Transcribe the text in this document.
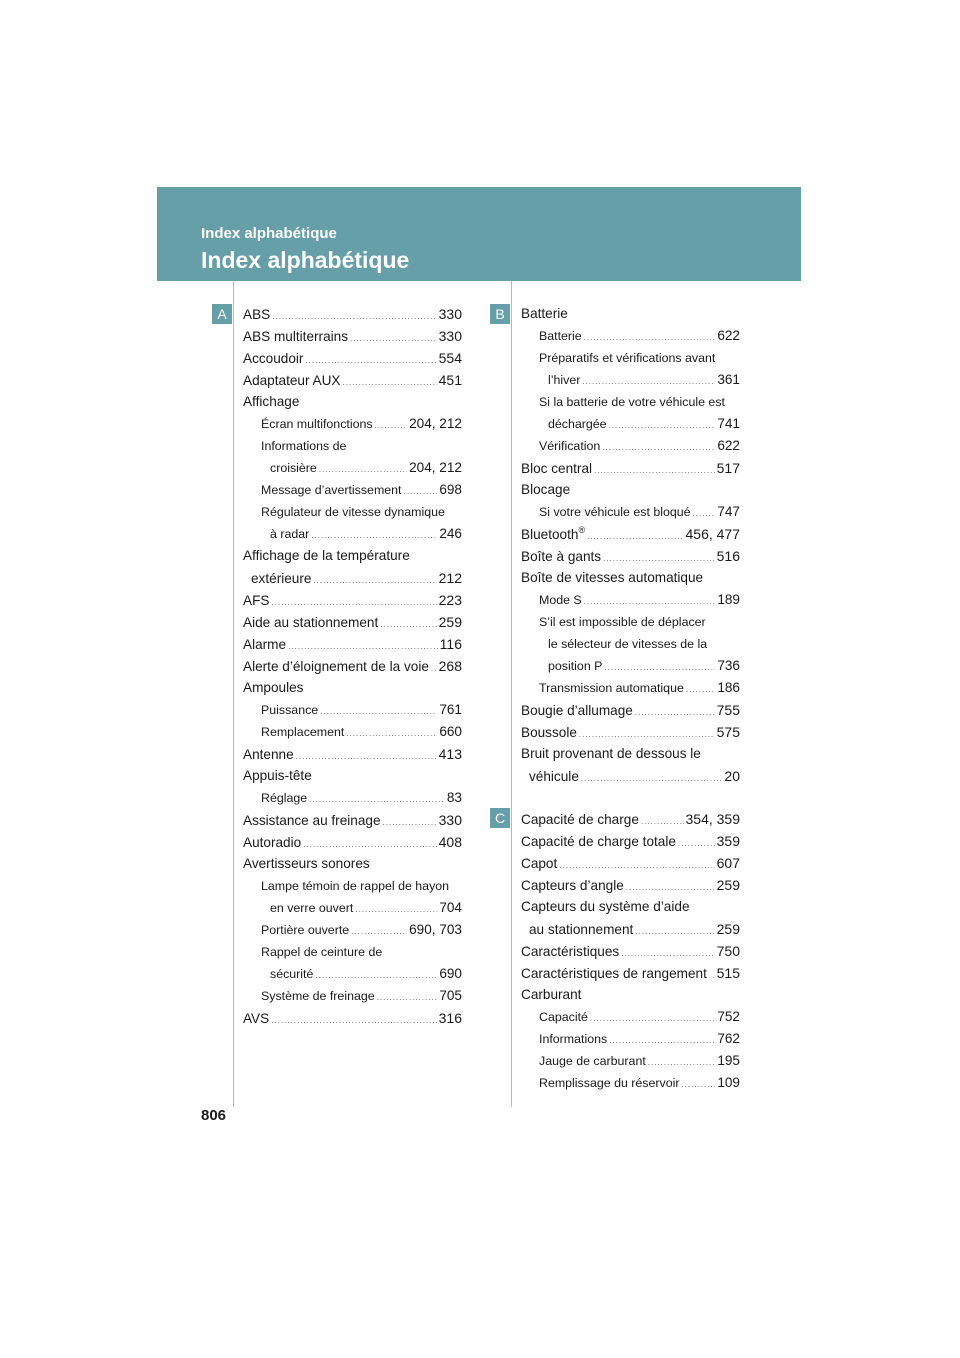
Index alphabétique
Index alphabétique
A	B
C
ABS .....	330
ABS multiterrains .....	330
Accoudoir .....	554
Adaptateur AUX .....	451
Affichage
Écran multifonctions .....	204, 212
Informations de
croisière .....	204, 212
Message d’avertissement .....	698
Régulateur de vitesse dynamique
à radar .....	246
Affichage de la température
extérieure .....	212
AFS .....	223
Aide au stationnement .....	259
Alarme .....	116
Alerte d’éloignement de la voie ..... 268
Ampoules
Puissance .....	761
Remplacement .....	660
Antenne .....	413
Appuis-tête
Réglage .....	83
Assistance au freinage .....	330
Autoradio .....	408
Avertisseurs sonores
Lampe témoin de rappel de hayon
en verre ouvert .....	704
Portière ouverte .....	690, 703
Rappel de ceinture de
sécurité .....	690
Système de freinage .....	705
AVS .....	316
Batterie
Batterie .....	622
Préparatifs et vérifications avant
l’hiver .....	361
Si la batterie de votre véhicule est
déchargée .....	741
Vérification .....	622
Bloc central .....	517
Blocage
Si votre véhicule est bloqué ..... 747
Bluetooth® .....	456, 477
Boîte à gants .....	516
Boîte de vitesses automatique
Mode S .....	189
S’il est impossible de déplacer
le sélecteur de vitesses de la
position P .....	736
Transmission automatique ..... 186
Bougie d’allumage .....	755
Boussole .....	575
Bruit provenant de dessous le
véhicule .....	20
Capacité de charge .....	354, 359
Capacité de charge totale .....	359
Capot .....	607
Capteurs d’angle .....	259
Capteurs du système d’aide
au stationnement .....	259
Caractéristiques .....	750
Caractéristiques de rangement ..... 515
Carburant
Capacité .....	752
Informations .....	762
Jauge de carburant .....	195
Remplissage du réservoir .....	109
806
